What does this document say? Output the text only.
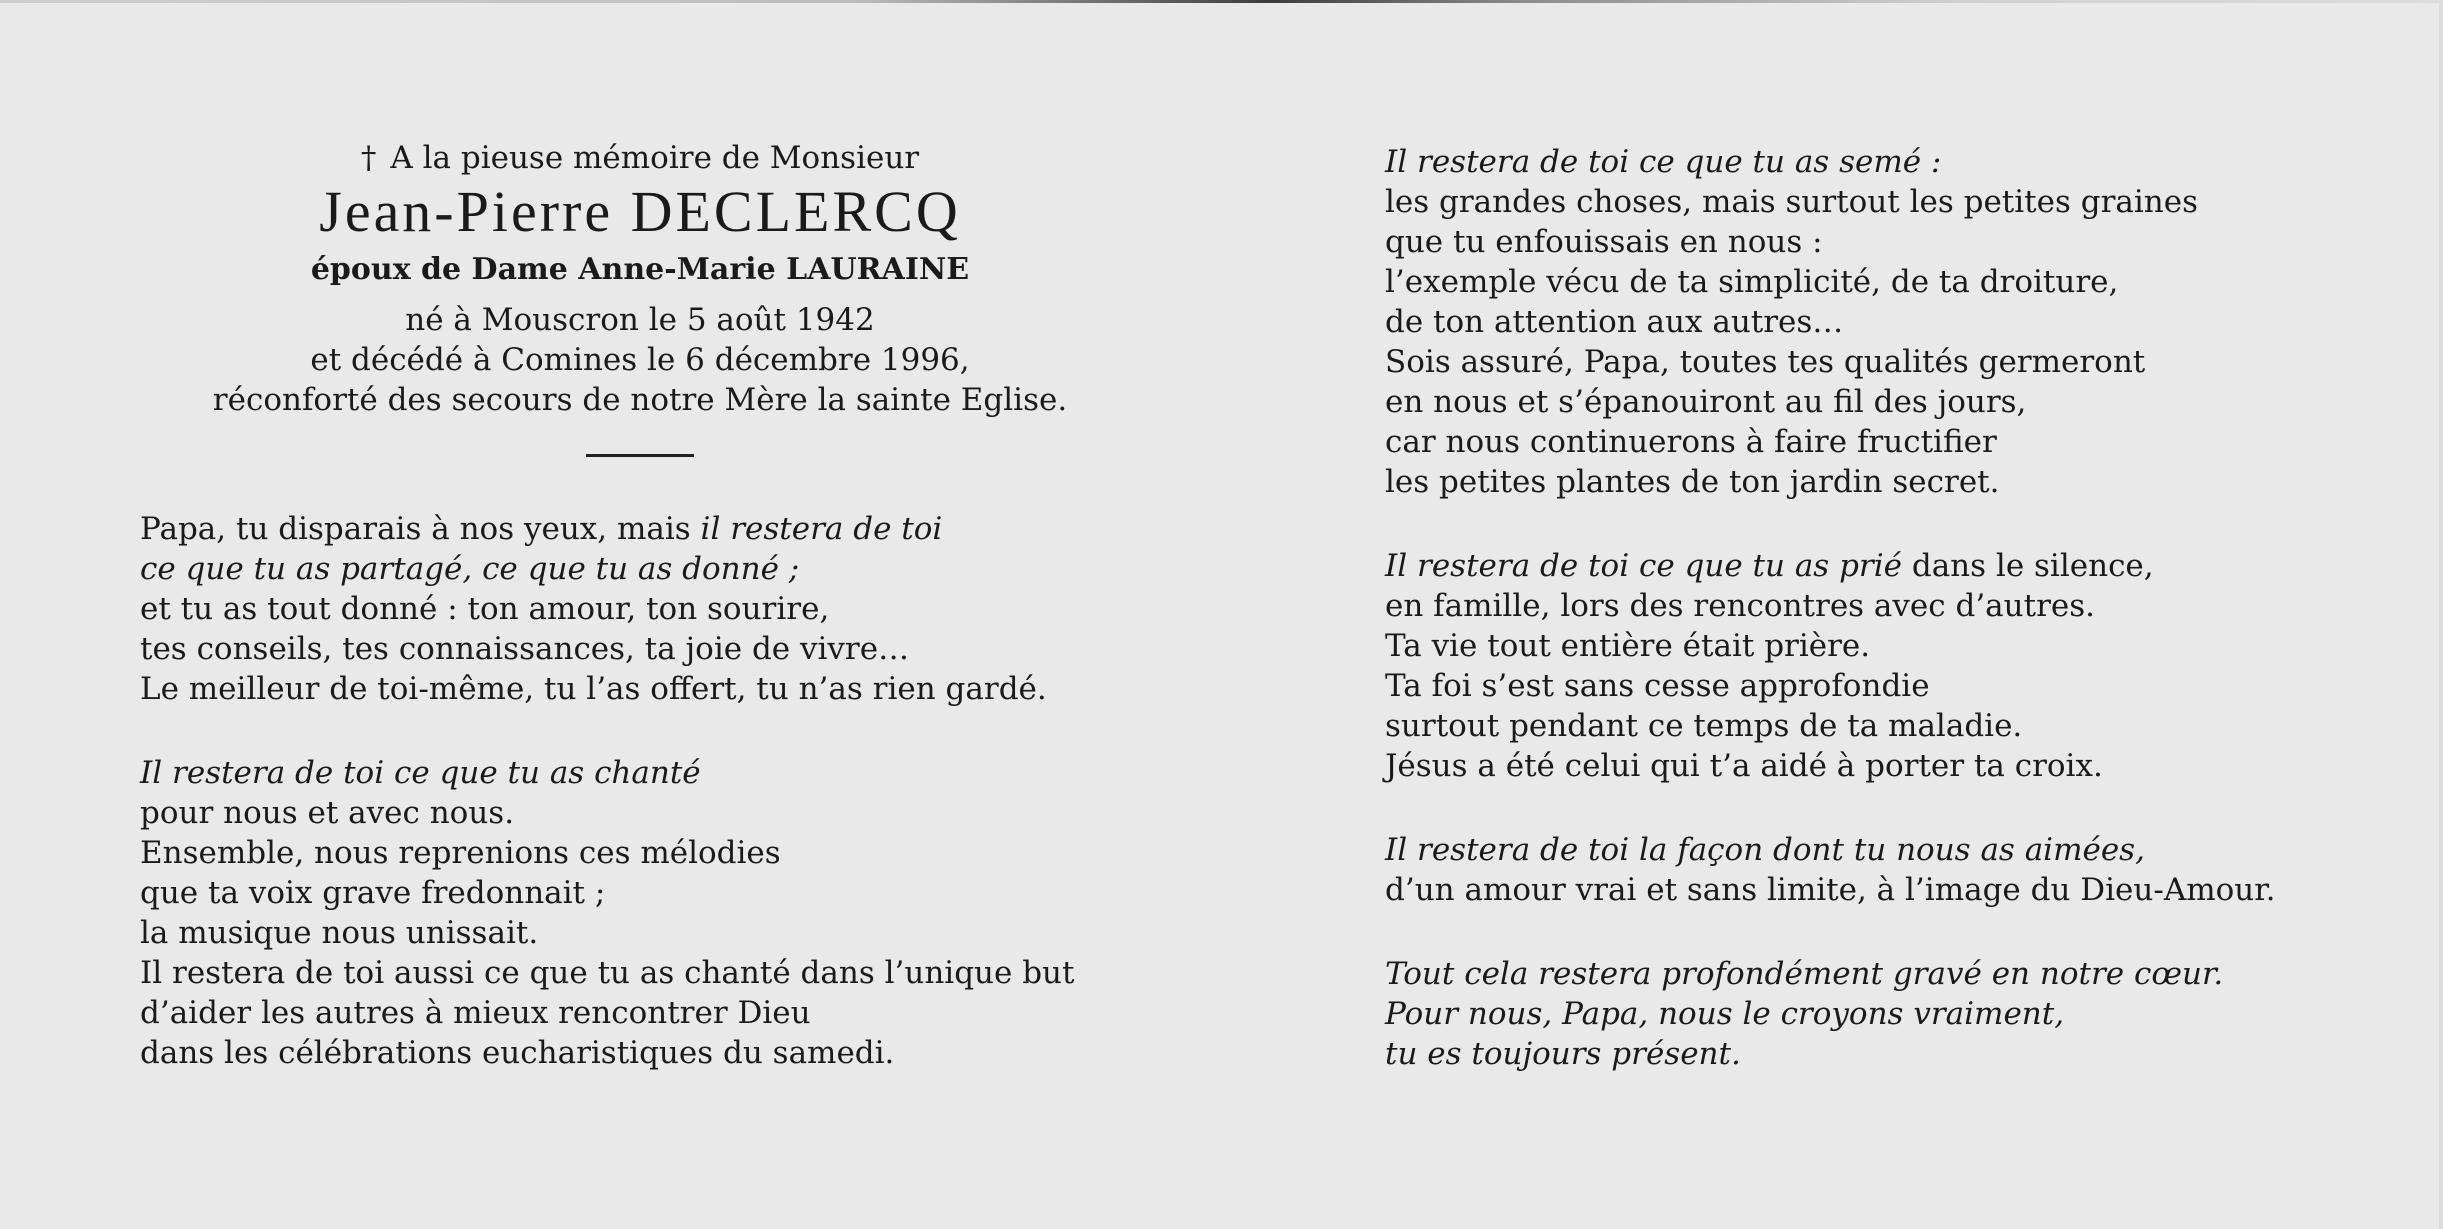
† A la pieuse mémoire de Monsieur
Jean-Pierre DECLERCQ
époux de Dame Anne-Marie LAURAINE
né à Mouscron le 5 août 1942
et décédé à Comines le 6 décembre 1996,
réconforté des secours de notre Mère la sainte Eglise.
Papa, tu disparais à nos yeux, mais il restera de toi
ce que tu as partagé, ce que tu as donné ;
et tu as tout donné : ton amour, ton sourire,
tes conseils, tes connaissances, ta joie de vivre…
Le meilleur de toi-même, tu l’as offert, tu n’as rien gardé.
Il restera de toi ce que tu as chanté
pour nous et avec nous.
Ensemble, nous reprenions ces mélodies
que ta voix grave fredonnait ;
la musique nous unissait.
Il restera de toi aussi ce que tu as chanté dans l’unique but
d’aider les autres à mieux rencontrer Dieu
dans les célébrations eucharistiques du samedi.
Il restera de toi ce que tu as semé :
les grandes choses, mais surtout les petites graines
que tu enfouissais en nous :
l’exemple vécu de ta simplicité, de ta droiture,
de ton attention aux autres…
Sois assuré, Papa, toutes tes qualités germeront
en nous et s’épanouiront au fil des jours,
car nous continuerons à faire fructifier
les petites plantes de ton jardin secret.
Il restera de toi ce que tu as prié dans le silence,
en famille, lors des rencontres avec d’autres.
Ta vie tout entière était prière.
Ta foi s’est sans cesse approfondie
surtout pendant ce temps de ta maladie.
Jésus a été celui qui t’a aidé à porter ta croix.
Il restera de toi la façon dont tu nous as aimées,
d’un amour vrai et sans limite, à l’image du Dieu-Amour.
Tout cela restera profondément gravé en notre cœur.
Pour nous, Papa, nous le croyons vraiment,
tu es toujours présent.
